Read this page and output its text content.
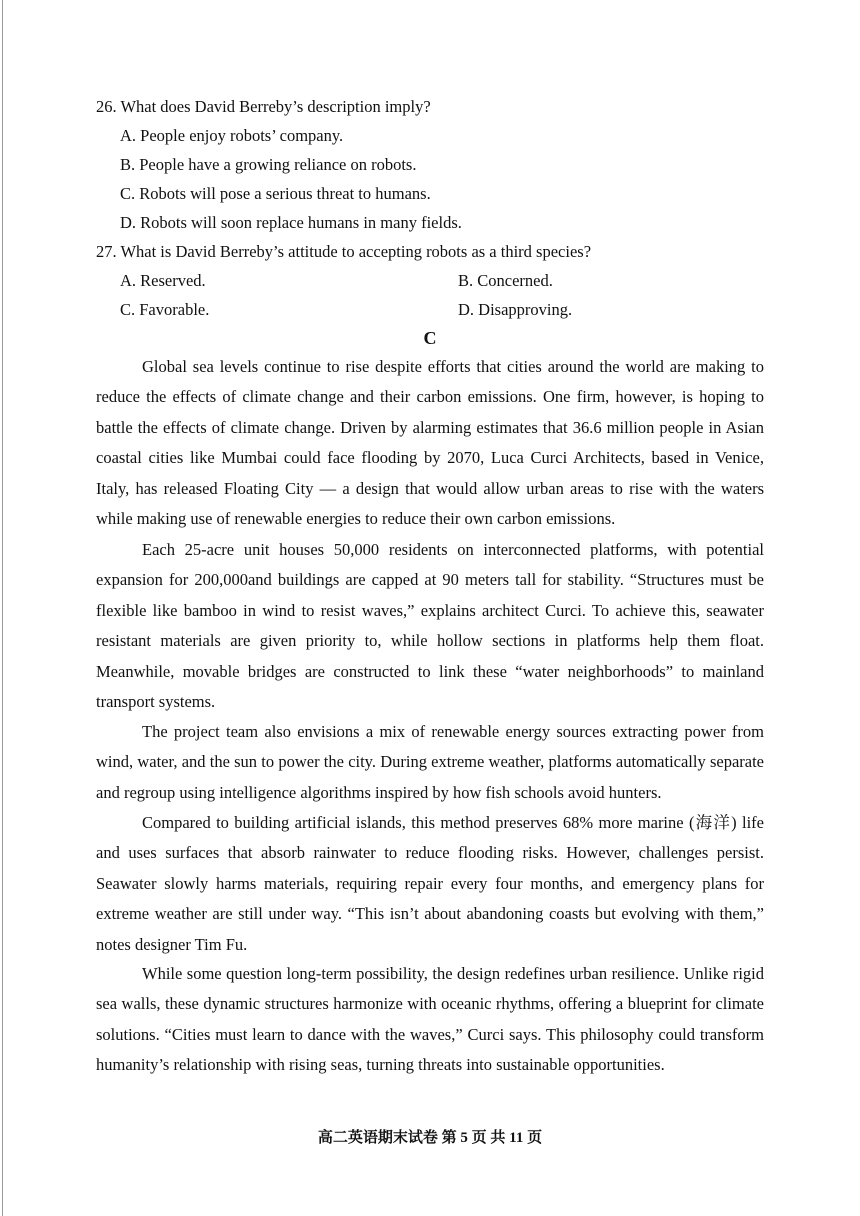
26. What does David Berreby’s description imply?
A. People enjoy robots’ company.
B. People have a growing reliance on robots.
C. Robots will pose a serious threat to humans.
D. Robots will soon replace humans in many fields.
27. What is David Berreby’s attitude to accepting robots as a third species?
A. Reserved.	B. Concerned.
C. Favorable.	D. Disapproving.
C

Global sea levels continue to rise despite efforts that cities around the world are making to reduce the effects of climate change and their carbon emissions. One firm, however, is hoping to battle the effects of climate change. Driven by alarming estimates that 36.6 million people in Asian coastal cities like Mumbai could face flooding by 2070, Luca Curci Architects, based in Venice, Italy, has released Floating City — a design that would allow urban areas to rise with the waters while making use of renewable energies to reduce their own carbon emissions.

Each 25-acre unit houses 50,000 residents on interconnected platforms, with potential expansion for 200,000and buildings are capped at 90 meters tall for stability. “Structures must be flexible like bamboo in wind to resist waves,” explains architect Curci. To achieve this, seawater resistant materials are given priority to, while hollow sections in platforms help them float. Meanwhile, movable bridges are constructed to link these “water neighborhoods” to mainland transport systems.

The project team also envisions a mix of renewable energy sources extracting power from wind, water, and the sun to power the city. During extreme weather, platforms automatically separate and regroup using intelligence algorithms inspired by how fish schools avoid hunters.

Compared to building artificial islands, this method preserves 68% more marine (海洋) life and uses surfaces that absorb rainwater to reduce flooding risks. However, challenges persist. Seawater slowly harms materials, requiring repair every four months, and emergency plans for extreme weather are still under way. “This isn’t about abandoning coasts but evolving with them,” notes designer Tim Fu.

While some question long-term possibility, the design redefines urban resilience. Unlike rigid sea walls, these dynamic structures harmonize with oceanic rhythms, offering a blueprint for climate solutions. “Cities must learn to dance with the waves,” Curci says. This philosophy could transform humanity’s relationship with rising seas, turning threats into sustainable opportunities.

高二英语期末试卷 第 5 页 共 11 页
